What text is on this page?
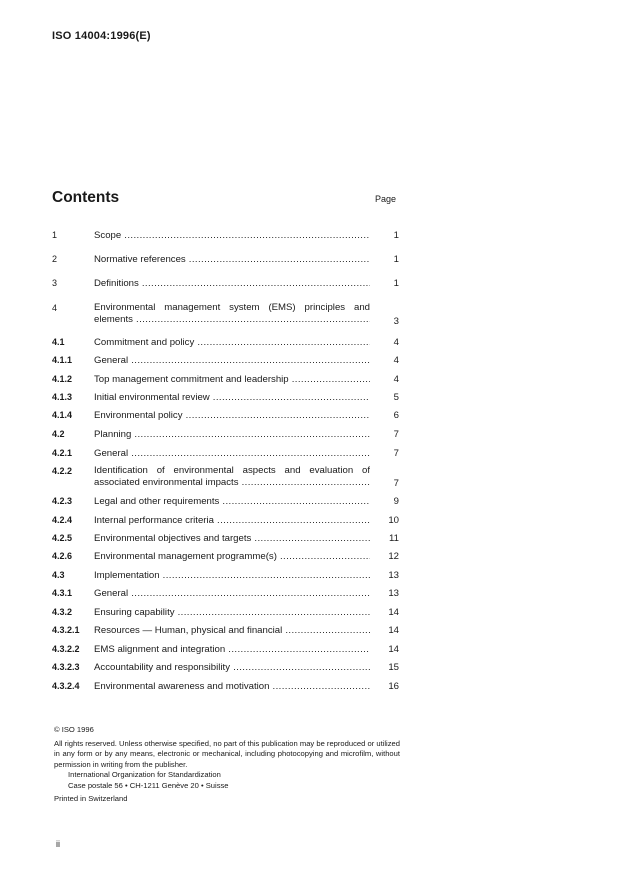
ISO 14004:1996(E)
Contents	Page
1	Scope .....	1
2	Normative references .....	1
3	Definitions .....	1
4	Environmental management system (EMS) principles and
elements .....	3
4.1	Commitment and policy .....	4
4.1.1 General .....	4
4.1.2 Top management commitment and leadership .....	4
4.1.3 Initial environmental review .....	5
4.1.4 Environmental policy .....	6
4.2	Planning .....	7
4.2.1 General .....	7
4.2.2 Identification of environmental aspects and evaluation of
associated environmental impacts .....	7
4.2.3 Legal and other requirements .....	9
4.2.4 Internal performance criteria .....	10
4.2.5 Environmental objectives and targets .....	11
4.2.6 Environmental management programme(s) .....	12
4.3	Implementation .....	13
4.3.1 General .....	13
4.3.2 Ensuring capability .....	14
4.3.2.1 Resources — Human, physical and financial .....	14
4.3.2.2 EMS alignment and integration .....	14
4.3.2.3 Accountability and responsibility .....	15
4.3.2.4 Environmental awareness and motivation .....	16
© ISO 1996
All rights reserved. Unless otherwise specified, no part of this publication may be reproduced or utilized in any form or by any means, electronic or mechanical, including photocopying and microfilm, without permission in writing from the publisher.
International Organization for Standardization
Case postale 56 • CH-1211 Genève 20 • Suisse
Printed in Switzerland
ii
